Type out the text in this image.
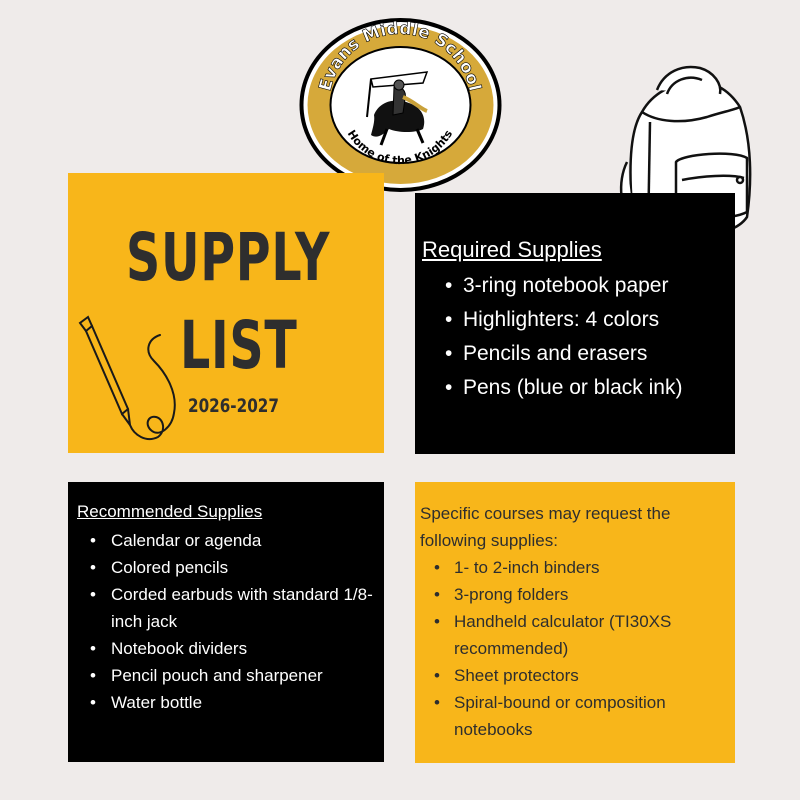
Evans Middle School
Home of the Knights
SUPPLY
LIST
2026-2027
Required Supplies
• 3-ring notebook paper
• Highlighters: 4 colors
• Pencils and erasers
• Pens (blue or black ink)
Recommended Supplies
• Calendar or agenda
• Colored pencils
• Corded earbuds with standard 1/8-inch jack
• Notebook dividers
• Pencil pouch and sharpener
• Water bottle

Specific courses may request the following supplies:

• 1- to 2-inch binders
• 3-prong folders
• Handheld calculator (TI30XS recommended)
• Sheet protectors
• Spiral-bound or composition notebooks
